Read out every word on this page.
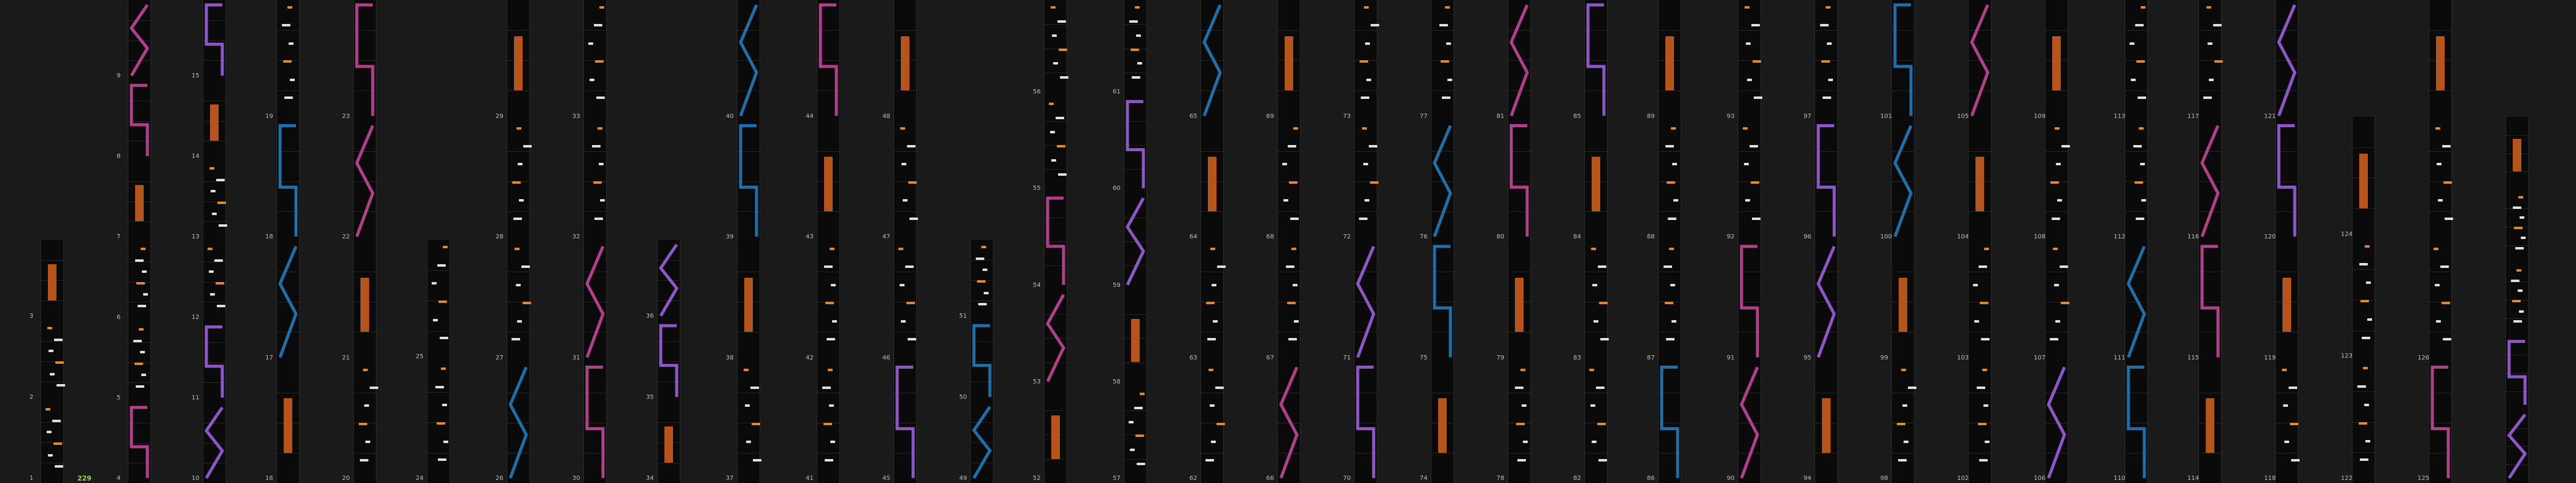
229
1
2
3
4
5
6
7
8
9
10
11
12
13
14
15
16
17
18
19
20
21
22
23
24
25
26
27
28
29
30
31
32
33
34
35
36
37
38
39
40
41
42
43
44
45
46
47
48
49
50
51
52
53
54
55
56
57
58
59
60
61
62
63
64
65
66
67
68
69
70
71
72
73
74
75
76
77
78
79
80
81
82
83
84
85
86
87
88
89
90
91
92
93
94
95
96
97
98
99
100
101
102
103
104
105
106
107
108
109
110
111
112
113
114
115
116
117
118
119
120
121
122
123
124
125
126
